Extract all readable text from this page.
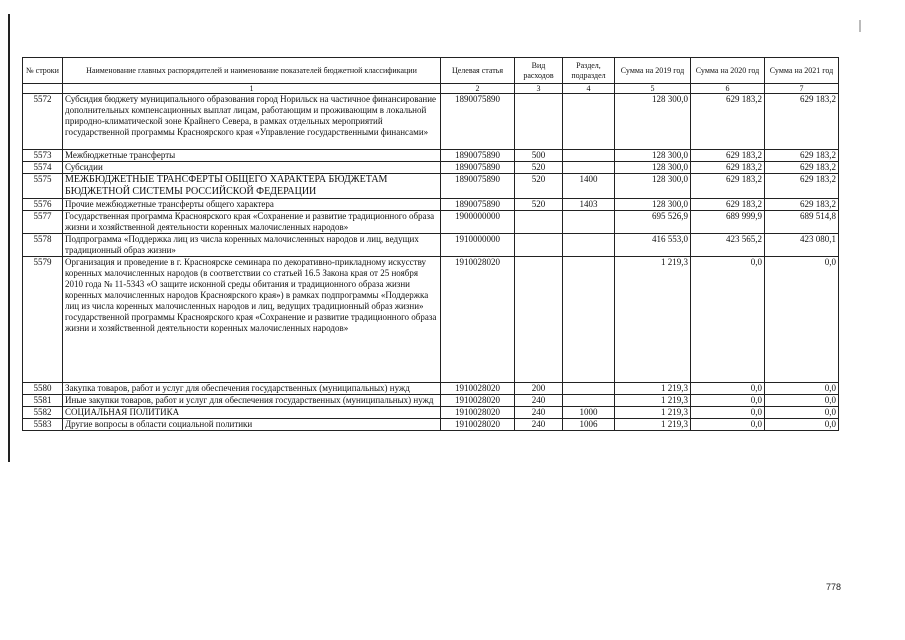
№ строки	Наименование главных распорядителей и наименование показателей бюджетной классификации	Целевая статья	Вид расходов	Раздел, подраздел	Сумма на 2019 год	Сумма на 2020 год	Сумма на 2021 год
	1	2	3	4	5	6	7
5572	Субсидия бюджету муниципального образования город Норильск на частичное финансирование дополнительных компенсационных выплат лицам, работающим и проживающим в локальной природно-климатической зоне Крайнего Севера, в рамках отдельных мероприятий государственной программы Красноярского края «Управление государственными финансами»	1890075890			128 300,0	629 183,2	629 183,2
5573	Межбюджетные трансферты	1890075890	500		128 300,0	629 183,2	629 183,2
5574	Субсидии	1890075890	520		128 300,0	629 183,2	629 183,2
5575	МЕЖБЮДЖЕТНЫЕ ТРАНСФЕРТЫ ОБЩЕГО ХАРАКТЕРА БЮДЖЕТАМ БЮДЖЕТНОЙ СИСТЕМЫ РОССИЙСКОЙ ФЕДЕРАЦИИ	1890075890	520	1400	128 300,0	629 183,2	629 183,2
5576	Прочие межбюджетные трансферты общего характера	1890075890	520	1403	128 300,0	629 183,2	629 183,2
5577	Государственная программа Красноярского края «Сохранение и развитие традиционного образа жизни и хозяйственной деятельности коренных малочисленных народов»	1900000000			695 526,9	689 999,9	689 514,8
5578	Подпрограмма «Поддержка лиц из числа коренных малочисленных народов и лиц, ведущих традиционный образ жизни»	1910000000			416 553,0	423 565,2	423 080,1
5579	Организация и проведение в г. Красноярске семинара по декоративно-прикладному искусству коренных малочисленных народов (в соответствии со статьей 16.5 Закона края от 25 ноября 2010 года № 11-5343 «О защите исконной среды обитания и традиционного образа жизни коренных малочисленных народов Красноярского края») в рамках подпрограммы «Поддержка лиц из числа коренных малочисленных народов и лиц, ведущих традиционный образ жизни» государственной программы Красноярского края «Сохранение и развитие традиционного образа жизни и хозяйственной деятельности коренных малочисленных народов»	1910028020			1 219,3	0,0	0,0
5580	Закупка товаров, работ и услуг для обеспечения государственных (муниципальных) нужд	1910028020	200		1 219,3	0,0	0,0
5581	Иные закупки товаров, работ и услуг для обеспечения государственных (муниципальных) нужд	1910028020	240		1 219,3	0,0	0,0
5582	СОЦИАЛЬНАЯ ПОЛИТИКА	1910028020	240	1000	1 219,3	0,0	0,0
5583	Другие вопросы в области социальной политики	1910028020	240	1006	1 219,3	0,0	0,0
778
